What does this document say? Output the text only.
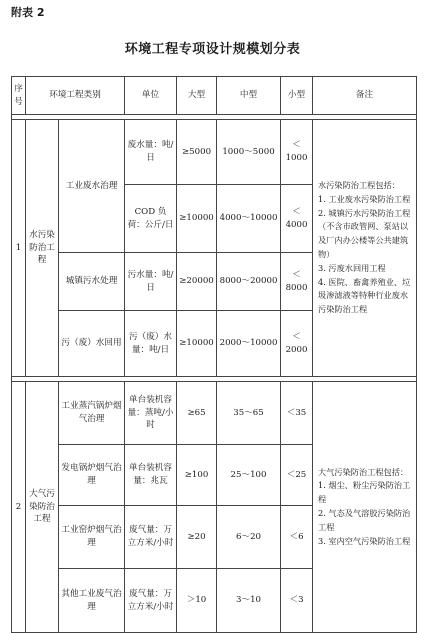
附表 2
环境工程专项设计规模划分表
序号	环境工程类别		单位	大型	中型	小型	备注

1	水污染防治工程	工业废水治理	废水量：吨/日	≥5000	1000～5000	＜1000	水污染防治工程包括：

1. 工业废水污染防治工程

2. 城镇污水污染防治工程（不含市政管网、泵站以及厂内办公楼等公共建筑物）

3. 污废水回用工程

4. 医院、畜禽养殖业、垃圾渗滤液等特种行业废水污染防治工程

			COD 负荷：公斤/日	≥10000	4000～10000	＜4000	
		城镇污水处理	污水量：吨/日	≥20000	8000～20000	＜8000	
		污（废）水回用	污（废）水量：吨/日	≥10000	2000～10000	＜2000	

2	大气污染防治工程	工业蒸汽锅炉烟气治理	单台装机容量：蒸吨/小时	≥65	35～65	＜35	大气污染防治工程包括：

1. 烟尘、粉尘污染防治工程

2. 气态及气溶胶污染防治工程

3. 室内空气污染防治工程

		发电锅炉烟气治理	单台装机容量：兆瓦	≥100	25～100	＜25	
		工业窑炉烟气治理	废气量：万立方米/小时	≥20	6～20	＜6	
		其他工业废气治理	废气量：万立方米/小时	＞10	3～10	＜3	
